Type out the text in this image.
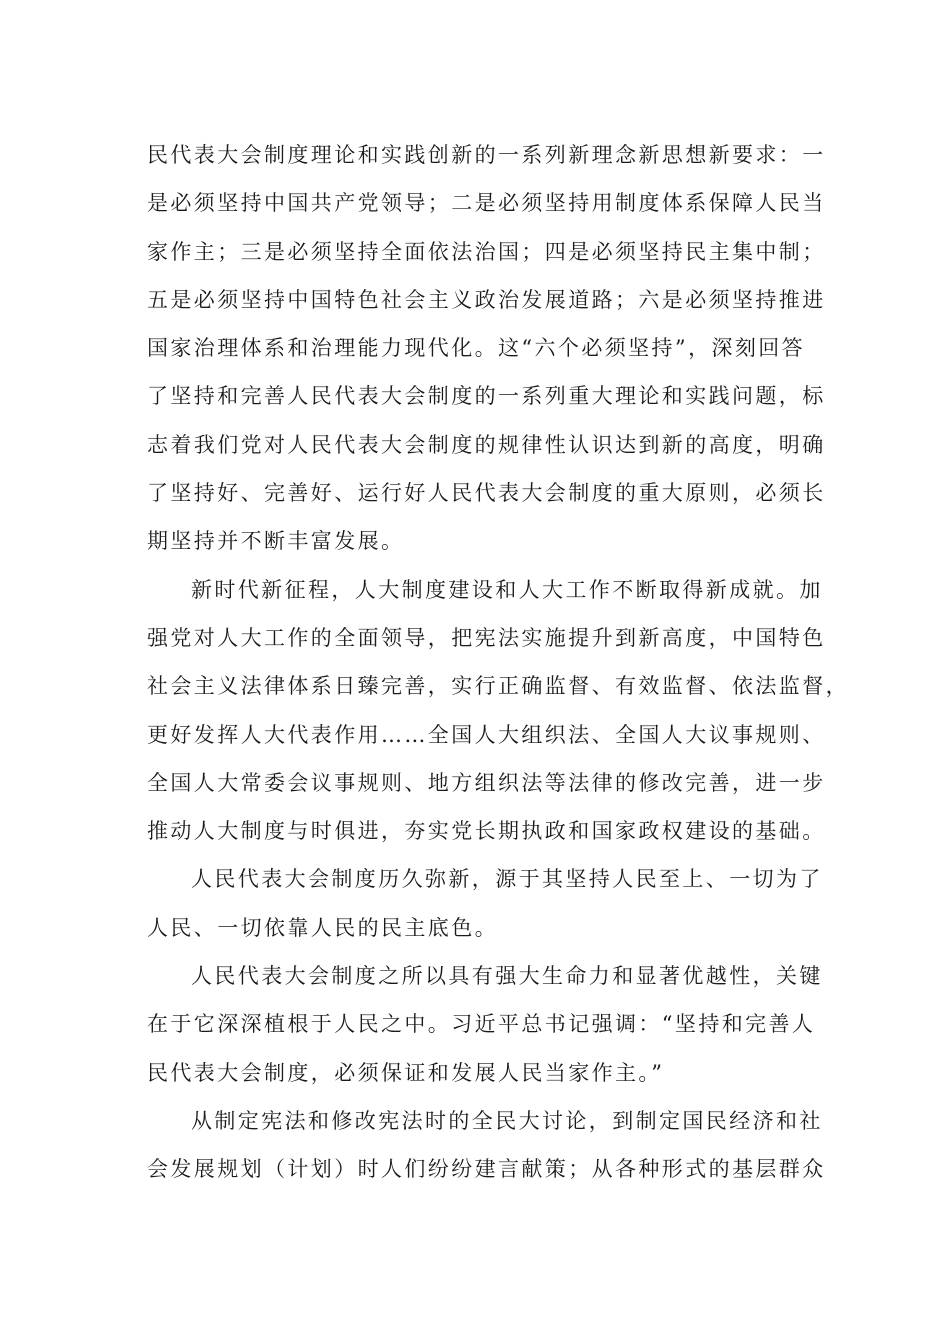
民代表大会制度理论和实践创新的一系列新理念新思想新要求：一
是必须坚持中国共产党领导；二是必须坚持用制度体系保障人民当
家作主；三是必须坚持全面依法治国；四是必须坚持民主集中制；
五是必须坚持中国特色社会主义政治发展道路；六是必须坚持推进
国家治理体系和治理能力现代化。这“六个必须坚持”，深刻回答
了坚持和完善人民代表大会制度的一系列重大理论和实践问题，标
志着我们党对人民代表大会制度的规律性认识达到新的高度，明确
了坚持好、完善好、运行好人民代表大会制度的重大原则，必须长
期坚持并不断丰富发展。
新时代新征程，人大制度建设和人大工作不断取得新成就。加
强党对人大工作的全面领导，把宪法实施提升到新高度，中国特色
社会主义法律体系日臻完善，实行正确监督、有效监督、依法监督，
更好发挥人大代表作用……全国人大组织法、全国人大议事规则、
全国人大常委会议事规则、地方组织法等法律的修改完善，进一步
推动人大制度与时俱进，夯实党长期执政和国家政权建设的基础。
人民代表大会制度历久弥新，源于其坚持人民至上、一切为了
人民、一切依靠人民的民主底色。
人民代表大会制度之所以具有强大生命力和显著优越性，关键
在于它深深植根于人民之中。习近平总书记强调：“坚持和完善人
民代表大会制度，必须保证和发展人民当家作主。”
从制定宪法和修改宪法时的全民大讨论，到制定国民经济和社
会发展规划（计划）时人们纷纷建言献策；从各种形式的基层群众
